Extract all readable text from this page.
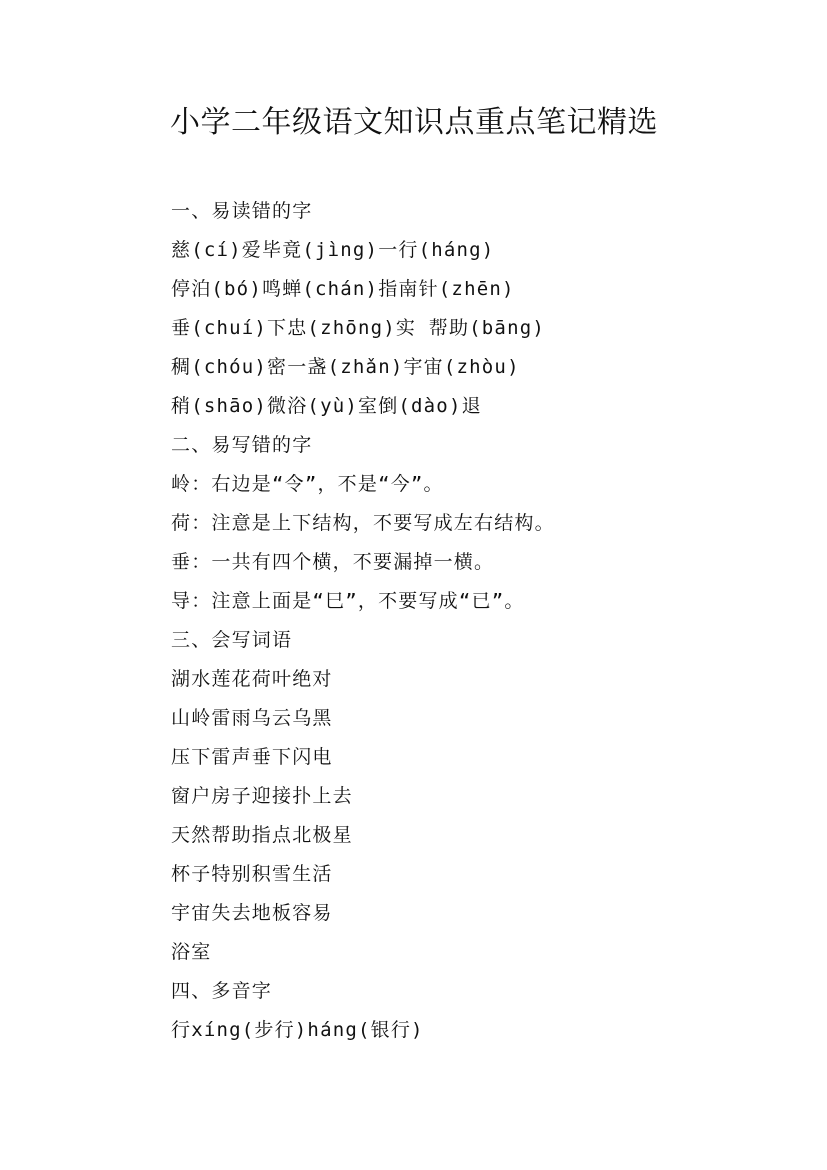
小学二年级语文知识点重点笔记精选
一、易读错的字
慈(cí)爱毕竟(jìng)一行(háng)
停泊(bó)鸣蝉(chán)指南针(zhēn)
垂(chuí)下忠(zhōng)实 帮助(bāng)
稠(chóu)密一盏(zhǎn)宇宙(zhòu)
稍(shāo)微浴(yù)室倒(dào)退
二、易写错的字
岭：右边是“令”，不是“今”。
荷：注意是上下结构，不要写成左右结构。
垂：一共有四个横，不要漏掉一横。
导：注意上面是“巳”，不要写成“已”。
三、会写词语
湖水莲花荷叶绝对
山岭雷雨乌云乌黑
压下雷声垂下闪电
窗户房子迎接扑上去
天然帮助指点北极星
杯子特别积雪生活
宇宙失去地板容易
浴室
四、多音字
行xíng(步行)háng(银行)
